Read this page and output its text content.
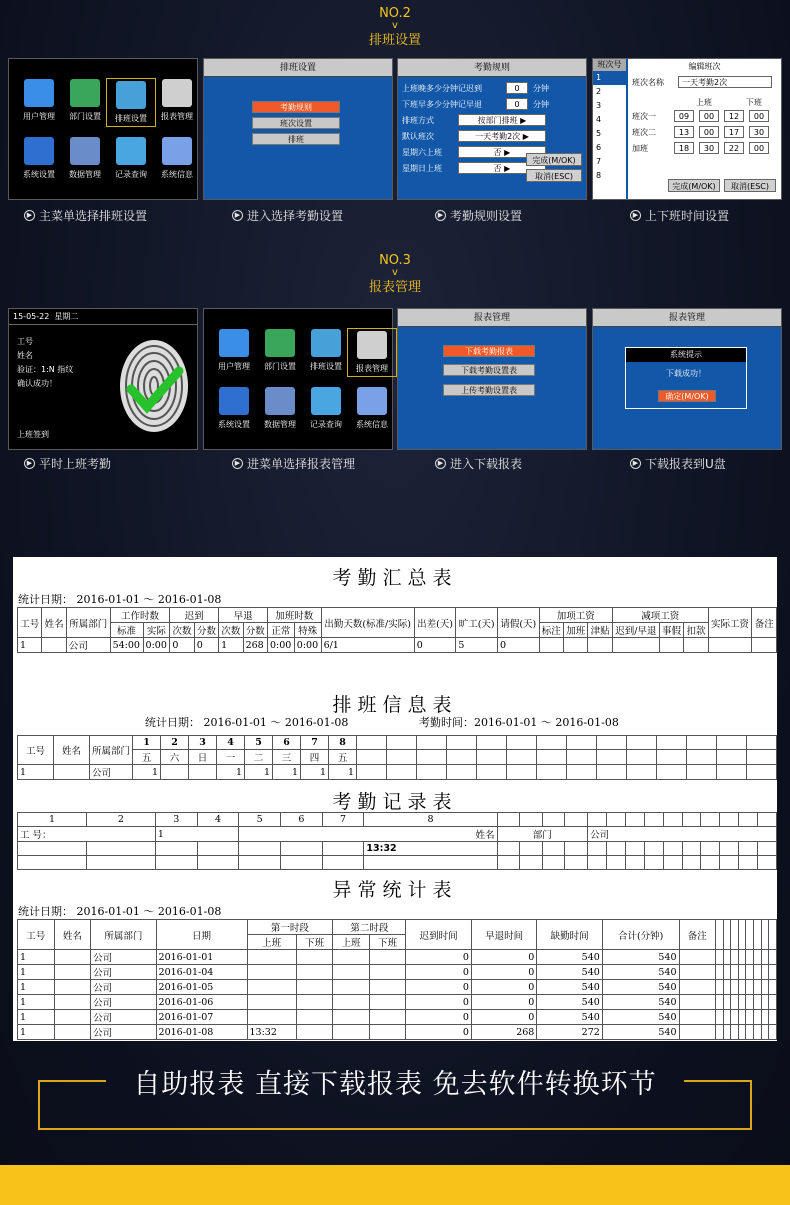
NO.2
v
排班设置
用户管理	部门设置	排班设置	报表管理
系统设置	数据管理	记录查询	系统信息
排班设置
考勤规则
班次设置
排班
考勤规则
上班晚多少分钟记迟到	0	分钟
下班早多少分钟记早退	0	分钟
排班方式	按部门排班 ▶
默认班次	一天考勤2次 ▶
星期六上班	否 ▶
星期日上班	否 ▶
完成(M/OK)
取消(ESC)
班次号
1
2
3
4
5
6
7
8
编辑班次
班次名称	一天考勤2次
上班	下班
班次一	09	00	12	00
班次二	13	00	17	30
加班	18	30	22	00
完成(M/OK)	取消(ESC)
▶ 主菜单选择排班设置	▶ 进入选择考勤设置	▶ 考勤规则设置	▶ 上下班时间设置
NO.3
v
报表管理
15-05-22 星期二
工号
姓名
验证：1:N 指纹
确认成功！
上班签到
用户管理	部门设置	排班设置	报表管理
系统设置	数据管理	记录查询	系统信息
报表管理
下载考勤报表
下载考勤设置表
上传考勤设置表
报表管理
系统提示
下载成功！
确定(M/OK)
▶ 平时上班考勤	▶ 进菜单选择报表管理	▶ 进入下载报表	▶ 下载报表到U盘
考勤汇总表
统计日期： 2016-01-01 ～ 2016-01-08
工号	姓名	所属部门	工作时数		迟到		早退		加班时数		出勤天数(标准/实际)	出差(天)	旷工(天)	请假(天)	加项工资			减项工资			实际工资	备注
			标准	实际	次数	分数	次数	分数	正常	特殊					标注	加班	津贴	迟到/早退	事假	扣款		
1		公司	54:00	0:00	0	0	1	268	0:00	0:00	6/1	0	5	0								
排班信息表
统计日期： 2016-01-01 ～ 2016-01-08	考勤时间：2016-01-01 ～ 2016-01-08
工号	姓名	所属部门	1	2	3	4	5	6	7	8														
			五	六	日	一	二	三	四	五														
1		公司	1			1	1	1	1	1														
考勤记录表
1	2	3	4	5	6	7	8														
工 号：		1		姓名				部门				公司									
							13:32														

异常统计表
统计日期： 2016-01-01 ～ 2016-01-08
工号	姓名	所属部门	日期	第一时段		第二时段		迟到时间	早退时间	缺勤时间	合计(分钟)	备注								
				上班	下班	上班	下班													
1		公司	2016-01-01					0	0	540	540									
1		公司	2016-01-04					0	0	540	540									
1		公司	2016-01-05					0	0	540	540									
1		公司	2016-01-06					0	0	540	540									
1		公司	2016-01-07					0	0	540	540									
1		公司	2016-01-08	13:32				0	268	272	540									
自助报表 直接下载报表 免去软件转换环节
